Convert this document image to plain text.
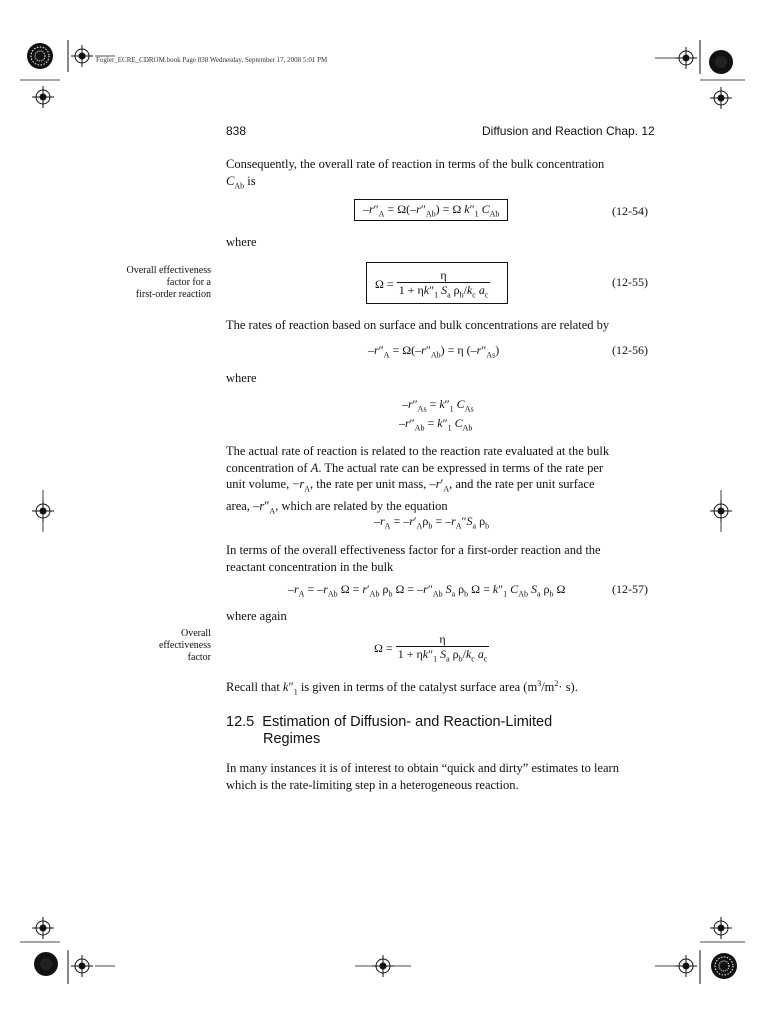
Fogler_ECRE_CDROM.book Page 838 Wednesday, September 17, 2008 5:01 PM
838	Diffusion and Reaction Chap. 12
Consequently, the overall rate of reaction in terms of the bulk concentration
$C_{Ab}$ is
$-r''_A = \Omega(-r''_{Ab}) = \Omega$ $k''_1$ $C_{Ab}$	(12-54)
where
Overall effectiveness
factor for a
first-order reaction
$\Omega = \frac{\eta}{1 + \eta k''_1 S_a \rho_b/k_c a_c}$	(12-55)
The rates of reaction based on surface and bulk concentrations are related by
$-r''_A = \Omega(-r''_{Ab}) = \eta$ $(-r''_{As})$	(12-56)
where
$-r''_{As} = k''_1$ $C_{As}$
$-r''_{Ab} = k''_1$ $C_{Ab}$
The actual rate of reaction is related to the reaction rate evaluated at the bulk
concentration of A. The actual rate can be expressed in terms of the rate per
unit volume, $-r_A$, the rate per unit mass, $-r'_A$, and the rate per unit surface
area, $-r''_A$, which are related by the equation
$-r_A = -r'_A\rho_b = -r_A''S_a$ $\rho_b$
In terms of the overall effectiveness factor for a first-order reaction and the
reactant concentration in the bulk
$-r_A = -r_{Ab}$ $\Omega = r'_{Ab}$ $\rho_b$ $\Omega = -r''_{Ab}$ $S_a$ $\rho_b$ $\Omega = k''_1$ $C_{Ab}$ $S_a$ $\rho_b$ Ω	(12-57)
where again
Overall
effectiveness
factor
$\Omega = \frac{\eta}{1 + \eta k''_1 S_a \rho_b/k_c a_c}$
Recall that $k''_1$ is given in terms of the catalyst surface area $(m^3/m^2\cdot s)$.
12.5 Estimation of Diffusion- and Reaction-Limited
Regimes
In many instances it is of interest to obtain “quick and dirty” estimates to learn
which is the rate-limiting step in a heterogeneous reaction.
